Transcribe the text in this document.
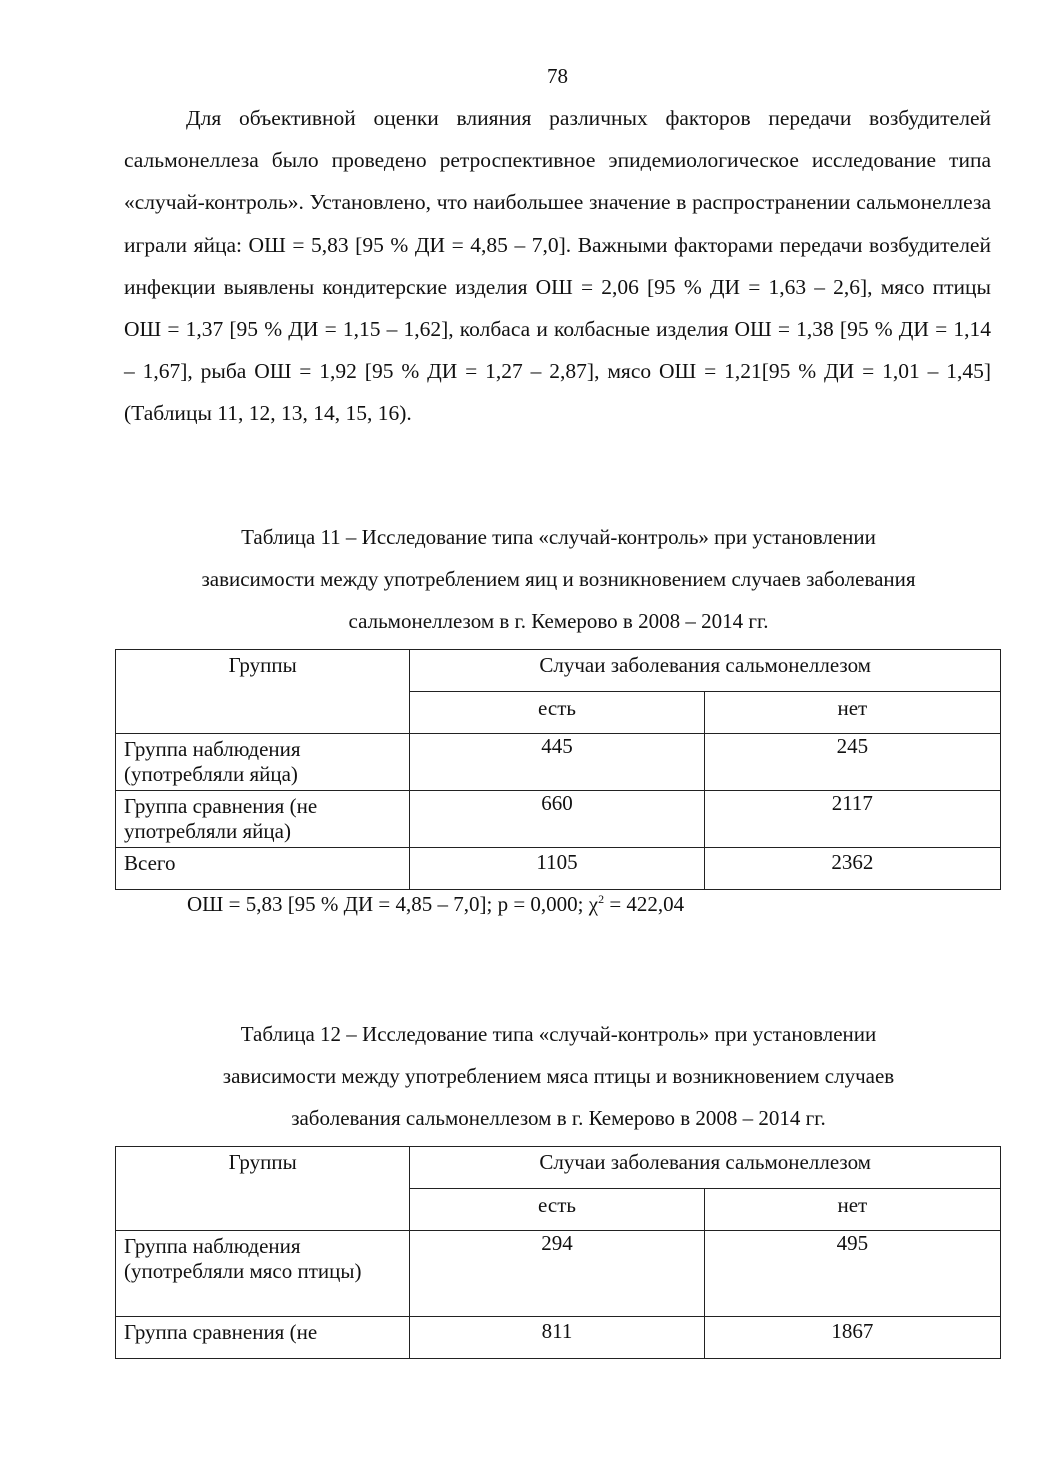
78

Для объективной оценки влияния различных факторов передачи возбудителей сальмонеллеза было проведено ретроспективное эпидемиологическое исследование типа «случай-контроль». Установлено, что наибольшее значение в распространении сальмонеллеза играли яйца: ОШ = 5,83 [95 % ДИ = 4,85 – 7,0]. Важными факторами передачи возбудителей инфекции выявлены кондитерские изделия ОШ = 2,06 [95 % ДИ = 1,63 – 2,6], мясо птицы ОШ = 1,37 [95 % ДИ = 1,15 – 1,62], колбаса и колбасные изделия ОШ = 1,38 [95 % ДИ = 1,14 – 1,67], рыба ОШ = 1,92 [95 % ДИ = 1,27 – 2,87], мясо ОШ = 1,21[95 % ДИ = 1,01 – 1,45] (Таблицы 11, 12, 13, 14, 15, 16).

Таблица 11 – Исследование типа «случай-контроль» при установлении
зависимости между употреблением яиц и возникновением случаев заболевания
сальмонеллезом в г. Кемерово в 2008 – 2014 гг.
Группы	Случаи заболевания сальмонеллезом	
	есть	нет
Группа наблюдения (употребляли яйца)	445	245
Группа сравнения (не употребляли яйца)	660	2117
Всего	1105	2362
ОШ = 5,83 [95 % ДИ = 4,85 – 7,0]; р = 0,000; $\chi^2 = 422,04$
Таблица 12 – Исследование типа «случай-контроль» при установлении
зависимости между употреблением мяса птицы и возникновением случаев
заболевания сальмонеллезом в г. Кемерово в 2008 – 2014 гг.
Группы	Случаи заболевания сальмонеллезом	
	есть	нет
Группа наблюдения (употребляли мясо птицы)	294	495
Группа сравнения (не	811	1867
